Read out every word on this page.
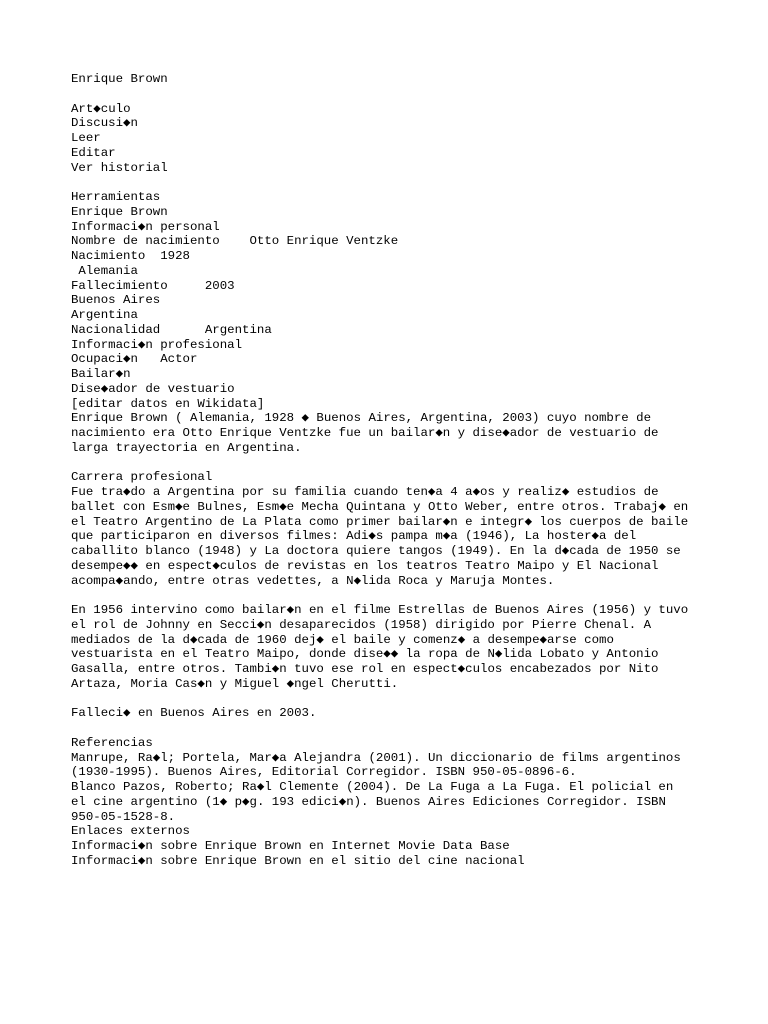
Enrique Brown
Art◆culo
Discusi◆n
Leer
Editar
Ver historial
Herramientas
Enrique Brown
Informaci◆n personal
Nombre de nacimiento    Otto Enrique Ventzke
Nacimiento  1928
Alemania
Fallecimiento     2003
Buenos Aires
Argentina
Nacionalidad      Argentina
Informaci◆n profesional
Ocupaci◆n   Actor
Bailar◆n
Dise◆ador de vestuario
[editar datos en Wikidata]
Enrique Brown ( Alemania, 1928 ◆ Buenos Aires, Argentina, 2003) cuyo nombre de
nacimiento era Otto Enrique Ventzke fue un bailar◆n y dise◆ador de vestuario de
larga trayectoria en Argentina.
Carrera profesional
Fue tra◆do a Argentina por su familia cuando ten◆a 4 a◆os y realiz◆ estudios de
ballet con Esm◆e Bulnes, Esm◆e Mecha Quintana y Otto Weber, entre otros. Trabaj◆ en
el Teatro Argentino de La Plata como primer bailar◆n e integr◆ los cuerpos de baile
que participaron en diversos filmes: Adi◆s pampa m◆a (1946), La hoster◆a del
caballito blanco (1948) y La doctora quiere tangos (1949). En la d◆cada de 1950 se
desempe◆◆ en espect◆culos de revistas en los teatros Teatro Maipo y El Nacional
acompa◆ando, entre otras vedettes, a N◆lida Roca y Maruja Montes.
En 1956 intervino como bailar◆n en el filme Estrellas de Buenos Aires (1956) y tuvo
el rol de Johnny en Secci◆n desaparecidos (1958) dirigido por Pierre Chenal. A
mediados de la d◆cada de 1960 dej◆ el baile y comenz◆ a desempe◆arse como
vestuarista en el Teatro Maipo, donde dise◆◆ la ropa de N◆lida Lobato y Antonio
Gasalla, entre otros. Tambi◆n tuvo ese rol en espect◆culos encabezados por Nito
Artaza, Moria Cas◆n y Miguel ◆ngel Cherutti.
Falleci◆ en Buenos Aires en 2003.
Referencias
Manrupe, Ra◆l; Portela, Mar◆a Alejandra (2001). Un diccionario de films argentinos
(1930-1995). Buenos Aires, Editorial Corregidor. ISBN 950-05-0896-6.
Blanco Pazos, Roberto; Ra◆l Clemente (2004). De La Fuga a La Fuga. El policial en
el cine argentino (1◆ p◆g. 193 edici◆n). Buenos Aires Ediciones Corregidor. ISBN
950-05-1528-8.
Enlaces externos
Informaci◆n sobre Enrique Brown en Internet Movie Data Base
Informaci◆n sobre Enrique Brown en el sitio del cine nacional
